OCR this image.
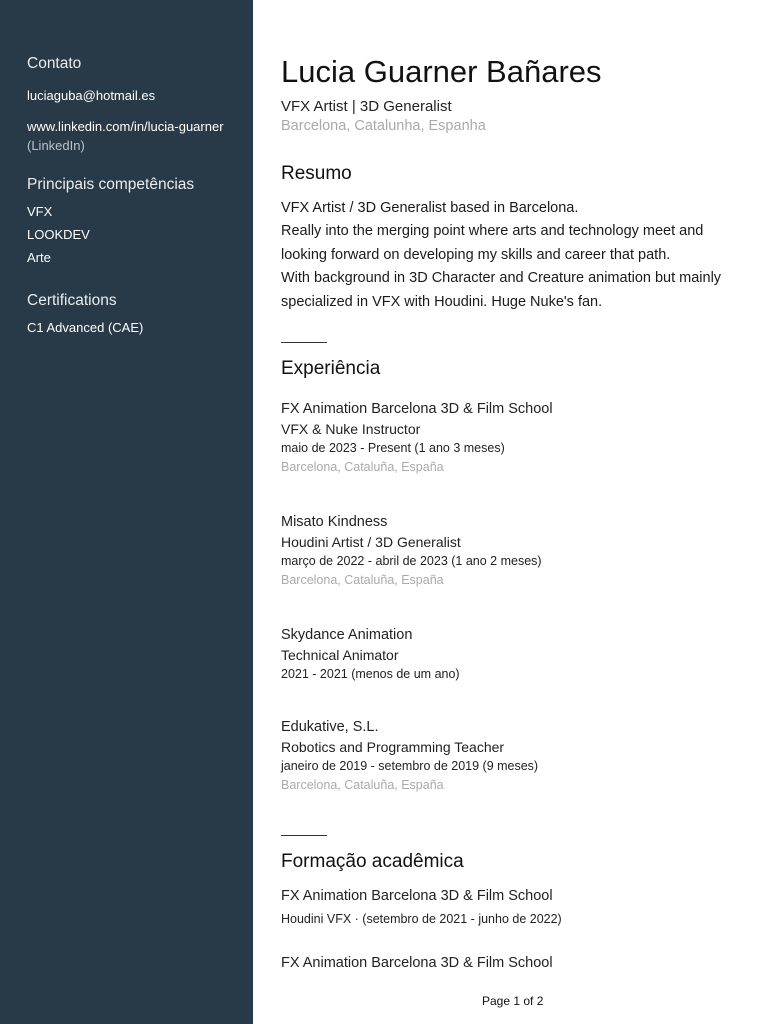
Contato
luciaguba@hotmail.es
www.linkedin.com/in/lucia-guarner
(LinkedIn)
Principais competências
VFX
LOOKDEV
Arte
Certifications
C1 Advanced (CAE)
Lucia Guarner Bañares
VFX Artist | 3D Generalist
Barcelona, Catalunha, Espanha
Resumo

VFX Artist / 3D Generalist based in Barcelona.

Really into the merging point where arts and technology meet and looking forward on developing my skills and career that path.

With background in 3D Character and Creature animation but mainly specialized in VFX with Houdini. Huge Nuke's fan.

Experiência
FX Animation Barcelona 3D & Film School
VFX & Nuke Instructor
maio de 2023 - Present (1 ano 3 meses)
Barcelona, Cataluña, España
Misato Kindness
Houdini Artist / 3D Generalist
março de 2022 - abril de 2023 (1 ano 2 meses)
Barcelona, Cataluña, España
Skydance Animation
Technical Animator
2021 - 2021 (menos de um ano)
Edukative, S.L.
Robotics and Programming Teacher
janeiro de 2019 - setembro de 2019 (9 meses)
Barcelona, Cataluña, España
Formação acadêmica
FX Animation Barcelona 3D & Film School
Houdini VFX · (setembro de 2021 - junho de 2022)
FX Animation Barcelona 3D & Film School
Page 1 of 2
